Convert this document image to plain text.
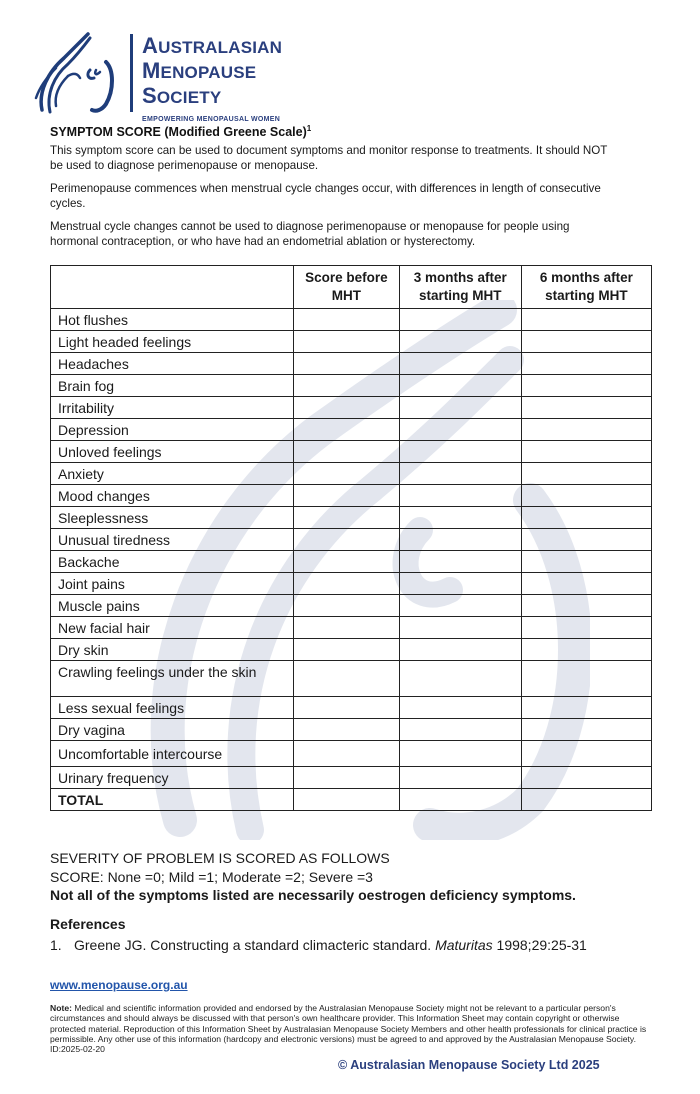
AUSTRALASIAN
MENOPAUSE
SOCIETY
EMPOWERING MENOPAUSAL WOMEN
SYMPTOM SCORE (Modified Greene Scale)$^1$
This symptom score can be used to document symptoms and monitor response to treatments. It should NOT be used to diagnose perimenopause or menopause.
Perimenopause commences when menstrual cycle changes occur, with differences in length of consecutive cycles.
Menstrual cycle changes cannot be used to diagnose perimenopause or menopause for people using hormonal contraception, or who have had an endometrial ablation or hysterectomy.
	Score before MHT	3 months after starting MHT	6 months after starting MHT
Hot flushes			
Light headed feelings			
Headaches			
Brain fog			
Irritability			
Depression			
Unloved feelings			
Anxiety			
Mood changes			
Sleeplessness			
Unusual tiredness			
Backache			
Joint pains			
Muscle pains			
New facial hair			
Dry skin			
Crawling feelings under the skin			
Less sexual feelings			
Dry vagina			
Uncomfortable intercourse			
Urinary frequency			
TOTAL			
SEVERITY OF PROBLEM IS SCORED AS FOLLOWS
SCORE: None =0; Mild =1; Moderate =2; Severe =3
Not all of the symptoms listed are necessarily oestrogen deficiency symptoms.
References
1. Greene JG. Constructing a standard climacteric standard. Maturitas 1998;29:25-31
www.menopause.org.au
Note: Medical and scientific information provided and endorsed by the Australasian Menopause Society might not be relevant to a particular person's circumstances and should always be discussed with that person's own healthcare provider. This Information Sheet may contain copyright or otherwise protected material. Reproduction of this Information Sheet by Australasian Menopause Society Members and other health professionals for clinical practice is permissible. Any other use of this information (hardcopy and electronic versions) must be agreed to and approved by the Australasian Menopause Society. ID:2025-02-20
© Australasian Menopause Society Ltd 2025
